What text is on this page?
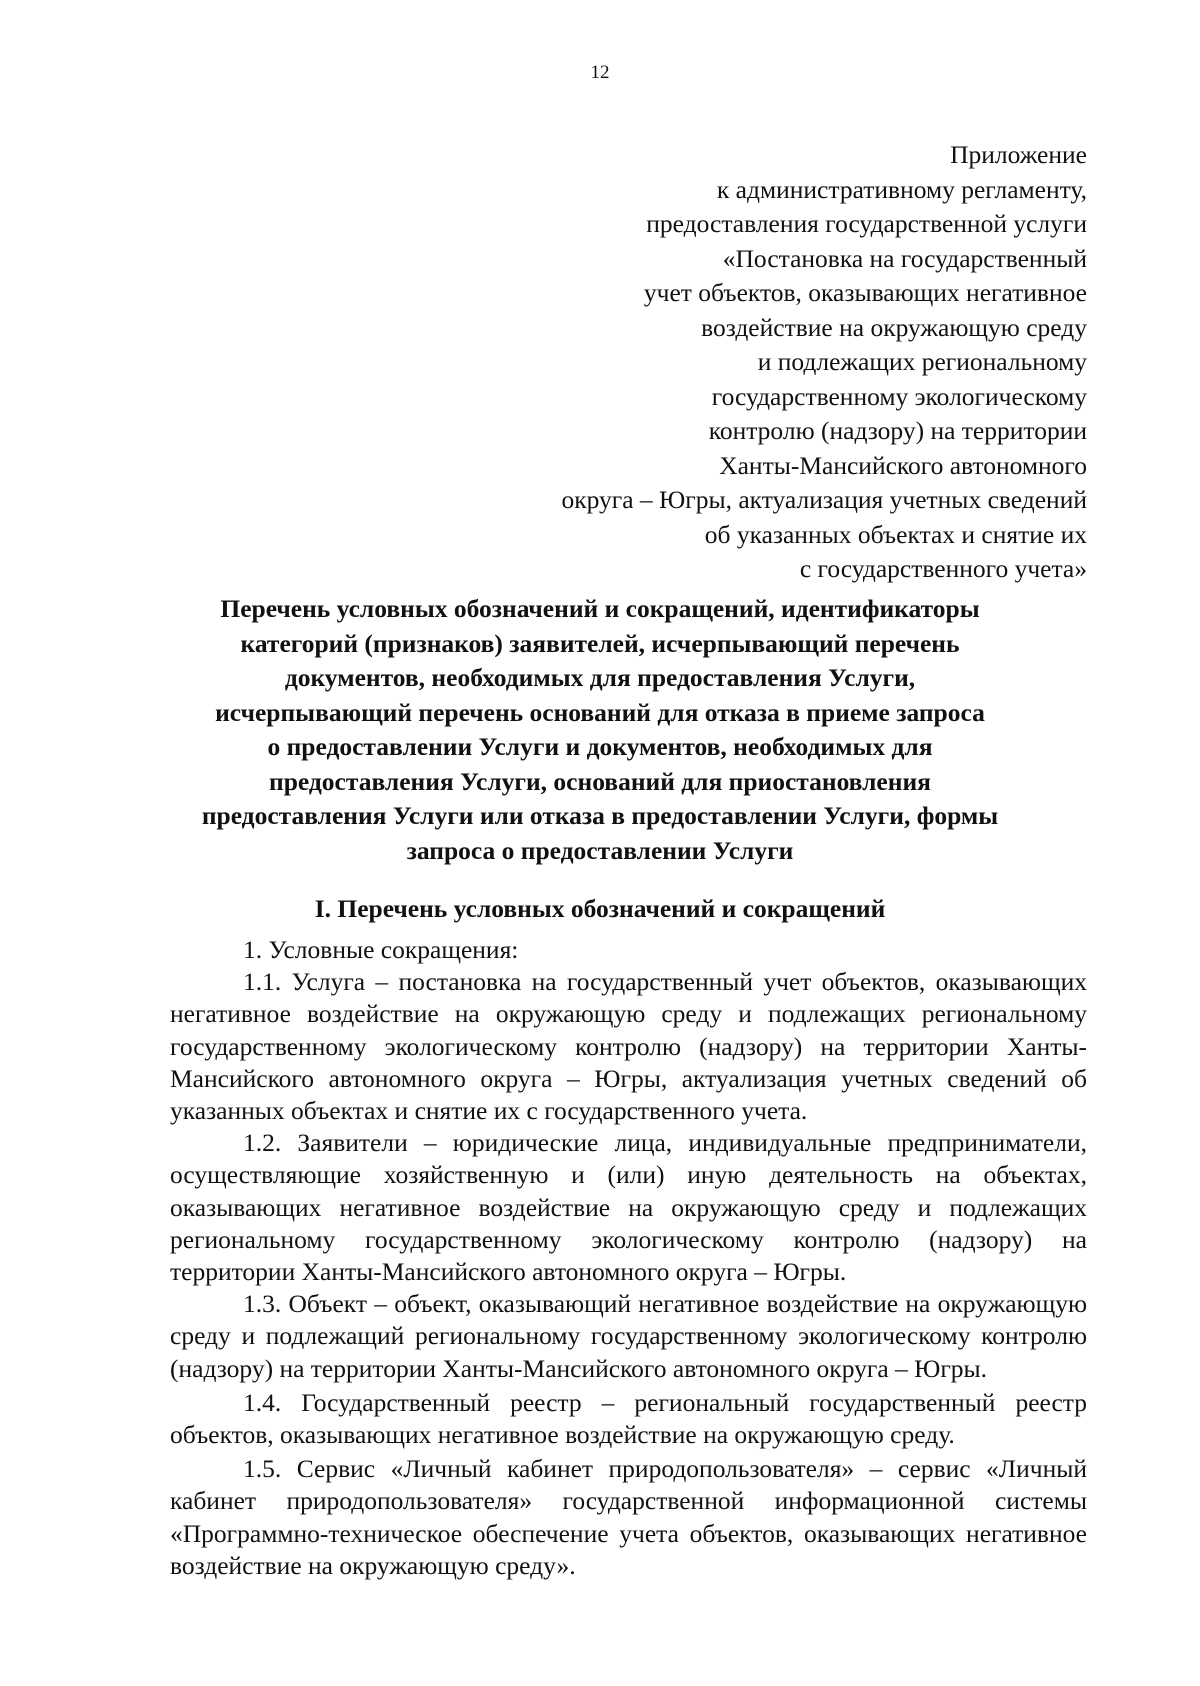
12
Приложение
к административному регламенту,
предоставления государственной услуги
«Постановка на государственный
учет объектов, оказывающих негативное
воздействие на окружающую среду
и подлежащих региональному
государственному экологическому
контролю (надзору) на территории
Ханты-Мансийского автономного
округа – Югры, актуализация учетных сведений
об указанных объектах и снятие их
с государственного учета»
Перечень условных обозначений и сокращений, идентификаторы
категорий (признаков) заявителей, исчерпывающий перечень
документов, необходимых для предоставления Услуги,
исчерпывающий перечень оснований для отказа в приеме запроса
о предоставлении Услуги и документов, необходимых для
предоставления Услуги, оснований для приостановления
предоставления Услуги или отказа в предоставлении Услуги, формы
запроса о предоставлении Услуги
I. Перечень условных обозначений и сокращений

1. Условные сокращения:

1.1. Услуга – постановка на государственный учет объектов, оказывающих негативное воздействие на окружающую среду и подлежащих региональному государственному экологическому контролю (надзору) на территории Ханты-Мансийского автономного округа – Югры, актуализация учетных сведений об указанных объектах и снятие их с государственного учета.

1.2. Заявители – юридические лица, индивидуальные предприниматели, осуществляющие хозяйственную и (или) иную деятельность на объектах, оказывающих негативное воздействие на окружающую среду и подлежащих региональному государственному экологическому контролю (надзору) на территории Ханты-Мансийского автономного округа – Югры.

1.3. Объект – объект, оказывающий негативное воздействие на окружающую среду и подлежащий региональному государственному экологическому контролю (надзору) на территории Ханты-Мансийского автономного округа – Югры.

1.4. Государственный реестр – региональный государственный реестр объектов, оказывающих негативное воздействие на окружающую среду.

1.5. Сервис «Личный кабинет природопользователя» – сервис «Личный кабинет природопользователя» государственной информационной системы «Программно-техническое обеспечение учета объектов, оказывающих негативное воздействие на окружающую среду».
